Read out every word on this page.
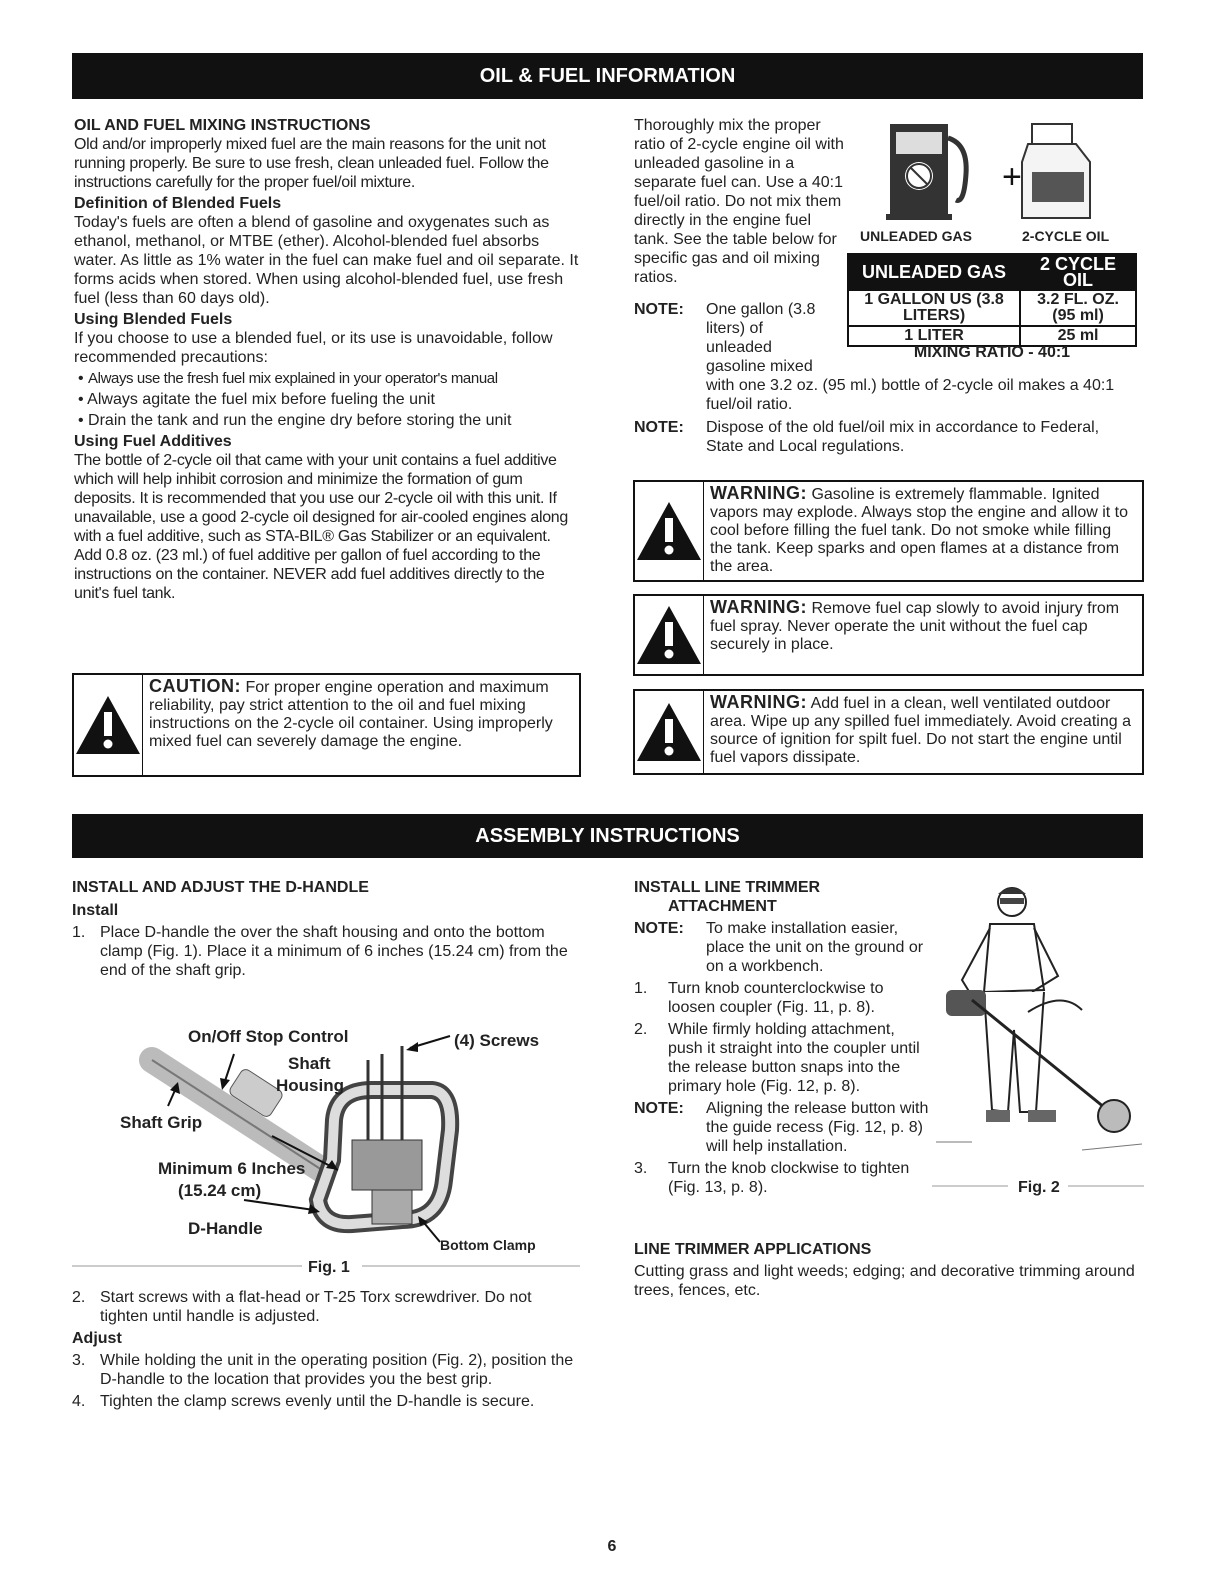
OIL & FUEL INFORMATION
ASSEMBLY INSTRUCTIONS

OIL AND FUEL MIXING INSTRUCTIONS

Old and/or improperly mixed fuel are the main reasons for the unit not running properly. Be sure to use fresh, clean unleaded fuel. Follow the instructions carefully for the proper fuel/oil mixture.

Definition of Blended Fuels

Today's fuels are often a blend of gasoline and oxygenates such as ethanol, methanol, or MTBE (ether). Alcohol-blended fuel absorbs water. As little as 1% water in the fuel can make fuel and oil separate. It forms acids when stored. When using alcohol-blended fuel, use fresh fuel (less than 60 days old).

Using Blended Fuels

If you choose to use a blended fuel, or its use is unavoidable, follow recommended precautions:

• Always use the fresh fuel mix explained in your operator's manual

• Always agitate the fuel mix before fueling the unit

• Drain the tank and run the engine dry before storing the unit

Using Fuel Additives

The bottle of 2-cycle oil that came with your unit contains a fuel additive which will help inhibit corrosion and minimize the formation of gum deposits. It is recommended that you use our 2-cycle oil with this unit. If unavailable, use a good 2-cycle oil designed for air-cooled engines along with a fuel additive, such as STA-BIL® Gas Stabilizer or an equivalent. Add 0.8 oz. (23 ml.) of fuel additive per gallon of fuel according to the instructions on the container. NEVER add fuel additives directly to the unit's fuel tank.

CAUTION: For proper engine operation and maximum reliability, pay strict attention to the oil and fuel mixing instructions on the 2-cycle oil container. Using improperly mixed fuel can severely damage the engine.

Thoroughly mix the proper ratio of 2-cycle engine oil with unleaded gasoline in a separate fuel can. Use a 40:1 fuel/oil ratio. Do not mix them directly in the engine fuel tank. See the table below for specific gas and oil mixing ratios.

NOTE:	One gallon (3.8 liters) of unleaded gasoline mixed
with one 3.2 oz. (95 ml.) bottle of 2-cycle oil makes a 40:1 fuel/oil ratio.
NOTE:	Dispose of the old fuel/oil mix in accordance to Federal, State and Local regulations.
+
UNLEADED GAS	2-CYCLE OIL
UNLEADED GAS	2 CYCLE OIL
1 GALLON US (3.8 LITERS)	3.2 FL. OZ. (95 ml)
1 LITER	25 ml
MIXING RATIO - 40:1
WARNING: Gasoline is extremely flammable. Ignited vapors may explode. Always stop the engine and allow it to cool before filling the fuel tank. Do not smoke while filling the tank. Keep sparks and open flames at a distance from the area.
WARNING: Remove fuel cap slowly to avoid injury from fuel spray. Never operate the unit without the fuel cap securely in place.
WARNING: Add fuel in a clean, well ventilated outdoor area. Wipe up any spilled fuel immediately. Avoid creating a source of ignition for spilt fuel. Do not start the engine until fuel vapors dissipate.

INSTALL AND ADJUST THE D-HANDLE

Install

1. Place D-handle the over the shaft housing and onto the bottom clamp (Fig. 1). Place it a minimum of 6 inches (15.24 cm) from the end of the shaft grip.
On/Off Stop Control	(4) Screws
Shaft
Housing
Shaft Grip
Minimum 6 Inches
(15.24 cm)
D-Handle
Bottom Clamp
Fig. 1
2. Start screws with a flat-head or T-25 Torx screwdriver. Do not tighten until handle is adjusted.

Adjust

3. While holding the unit in the operating position (Fig. 2), position the D-handle to the location that provides you the best grip.
4. Tighten the clamp screws evenly until the D-handle is secure.

INSTALL LINE TRIMMER

ATTACHMENT

NOTE:	To make installation easier, place the unit on the ground or on a workbench.
1.	Turn knob counterclockwise to loosen coupler (Fig. 11, p. 8).
2.	While firmly holding attachment, push it straight into the coupler until the release button snaps into the primary hole (Fig. 12, p. 8).
NOTE:	Aligning the release button with the guide recess (Fig. 12, p. 8) will help installation.
3.	Turn the knob clockwise to tighten (Fig. 13, p. 8).

LINE TRIMMER APPLICATIONS

Cutting grass and light weeds; edging; and decorative trimming around trees, fences, etc.

Fig. 2
6
